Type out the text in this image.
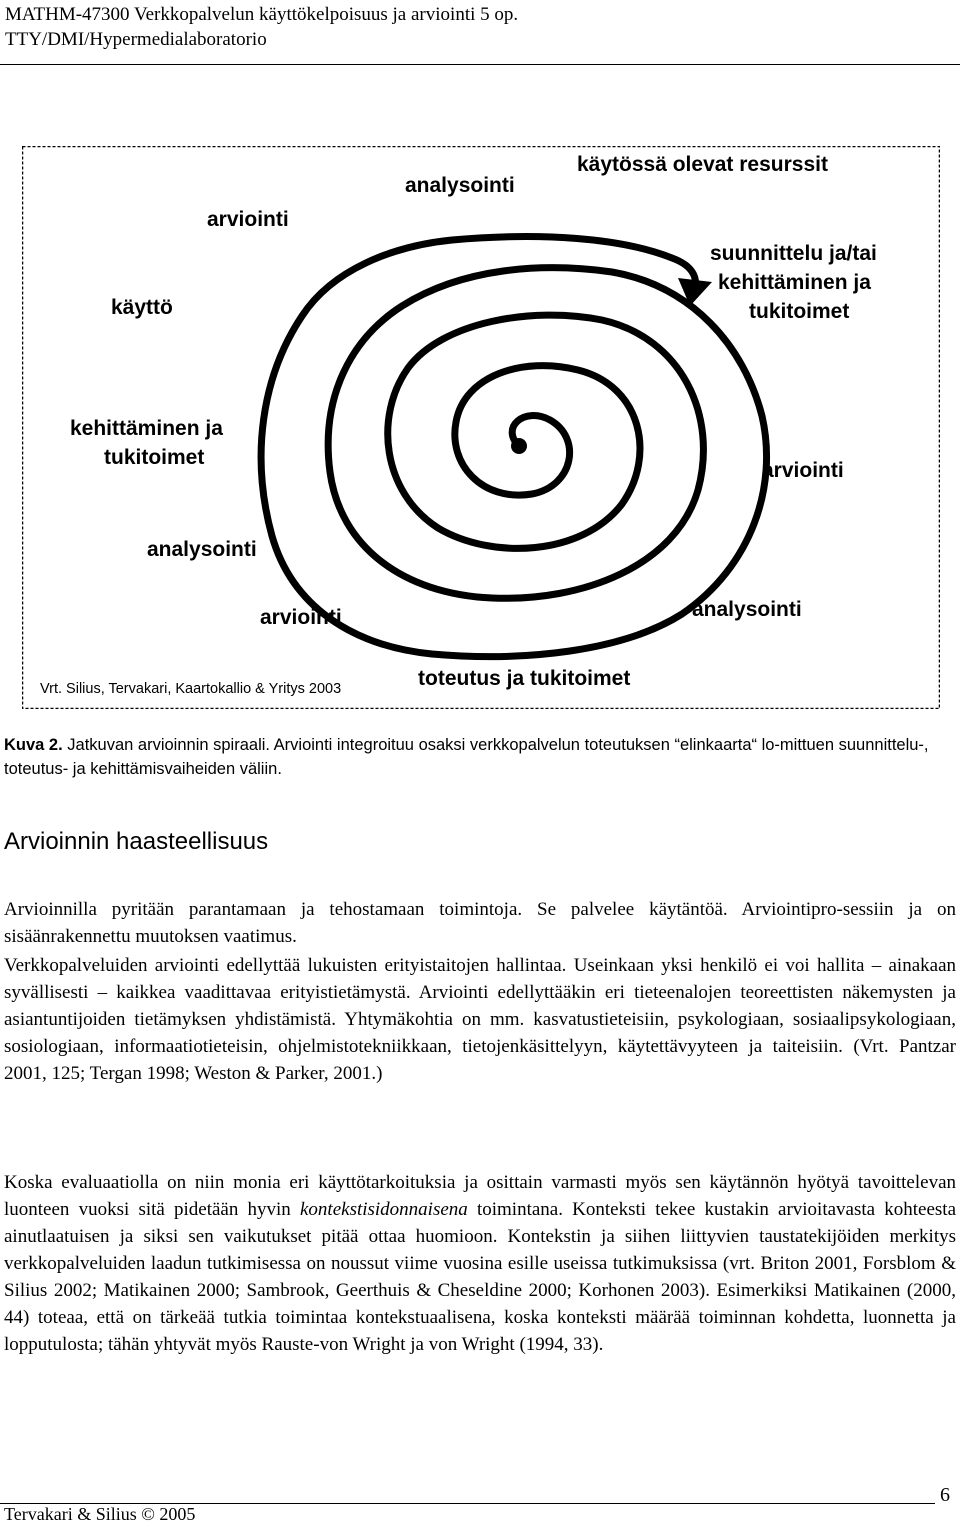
MATHM-47300 Verkkopalvelun käyttökelpoisuus ja arviointi 5 op.
TTY/DMI/Hypermedialaboratorio
käytössä olevat resurssit
analysointi
arviointi
suunnittelu ja/tai
kehittäminen ja
tukitoimet
käyttö
kehittäminen ja
tukitoimet
arviointi
analysointi
analysointi
arviointi
toteutus ja tukitoimet
Vrt. Silius, Tervakari, Kaartokallio & Yritys 2003
Kuva 2. Jatkuvan arvioinnin spiraali. Arviointi integroituu osaksi verkkopalvelun toteutuksen “elinkaarta“ lo-mittuen suunnittelu-, toteutus- ja kehittämisvaiheiden väliin.
Arvioinnin haasteellisuus

Arvioinnilla pyritään parantamaan ja tehostamaan toimintoja. Se palvelee käytäntöä. Arviointipro-sessiin ja on sisäänrakennettu muutoksen vaatimus.

Verkkopalveluiden arviointi edellyttää lukuisten erityistaitojen hallintaa. Useinkaan yksi henkilö ei voi hallita – ainakaan syvällisesti – kaikkea vaadittavaa erityistietämystä. Arviointi edellyttääkin eri tieteenalojen teoreettisten näkemysten ja asiantuntijoiden tietämyksen yhdistämistä. Yhtymäkohtia on mm. kasvatustieteisiin, psykologiaan, sosiaalipsykologiaan, sosiologiaan, informaatiotieteisin, ohjelmistotekniikkaan, tietojenkäsittelyyn, käytettävyyteen ja taiteisiin. (Vrt. Pantzar 2001, 125; Tergan 1998; Weston & Parker, 2001.)

Koska evaluaatiolla on niin monia eri käyttötarkoituksia ja osittain varmasti myös sen käytännön hyötyä tavoittelevan luonteen vuoksi sitä pidetään hyvin kontekstisidonnaisena toimintana. Konteksti tekee kustakin arvioitavasta kohteesta ainutlaatuisen ja siksi sen vaikutukset pitää ottaa huomioon. Kontekstin ja siihen liittyvien taustatekijöiden merkitys verkkopalveluiden laadun tutkimisessa on noussut viime vuosina esille useissa tutkimuksissa (vrt. Briton 2001, Forsblom & Silius 2002; Matikainen 2000; Sambrook, Geerthuis & Cheseldine 2000; Korhonen 2003). Esimerkiksi Matikainen (2000, 44) toteaa, että on tärkeää tutkia toimintaa kontekstuaalisena, koska konteksti määrää toiminnan kohdetta, luonnetta ja lopputulosta; tähän yhtyvät myös Rauste-von Wright ja von Wright (1994, 33).

Tervakari & Silius © 2005
6
